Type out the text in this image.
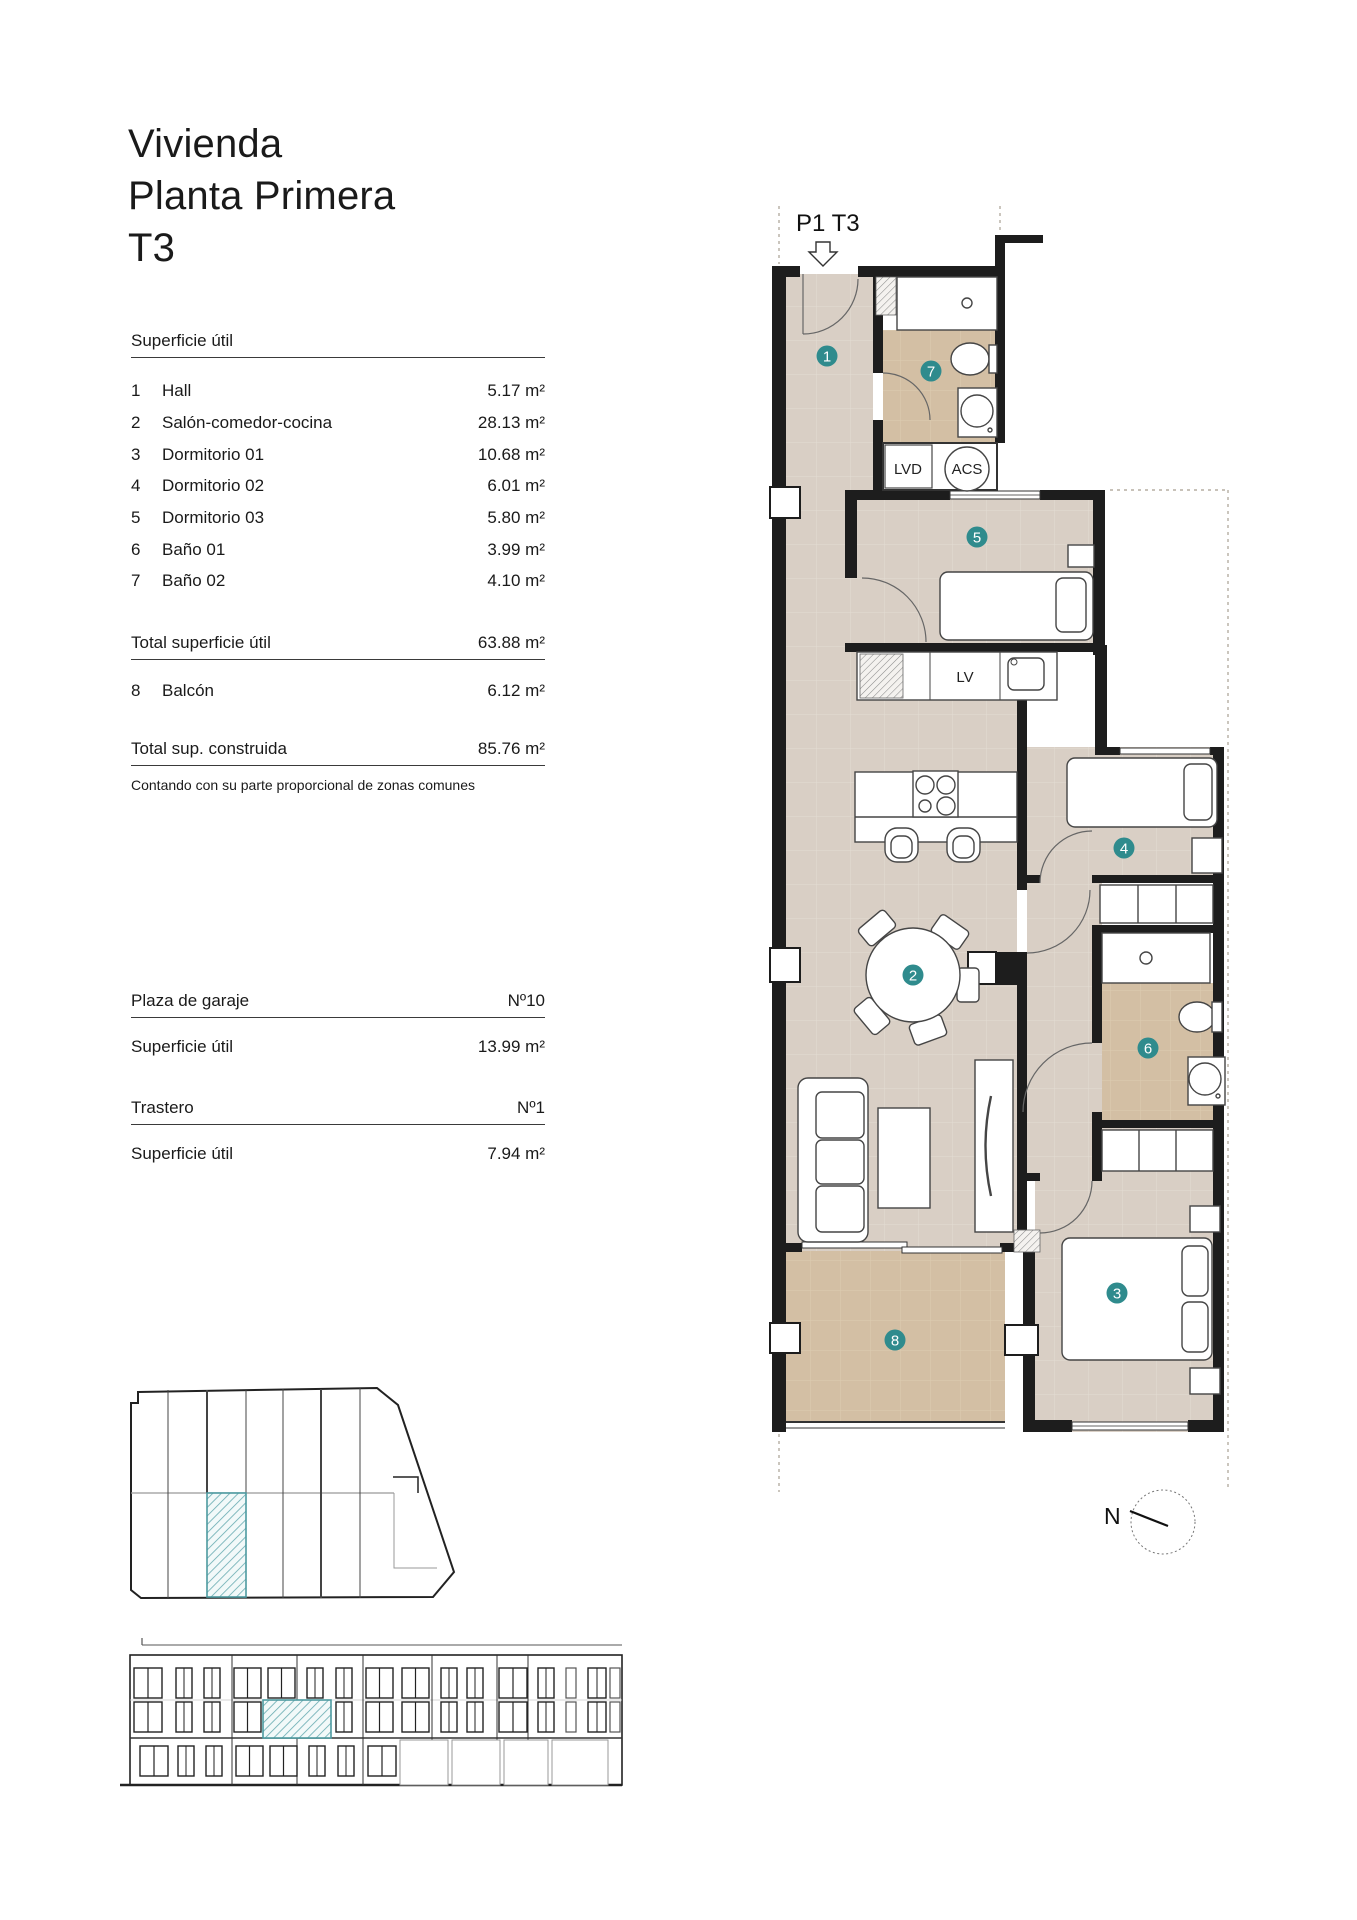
Vivienda
Planta Primera
T3
Superficie útil
1	Hall	5.17 m²
2	Salón-comedor-cocina	28.13 m²
3	Dormitorio 01	10.68 m²
4	Dormitorio 02	6.01 m²
5	Dormitorio 03	5.80 m²
6	Baño 01	3.99 m²
7	Baño 02	4.10 m²
Total superficie útil	63.88 m²
8	Balcón	6.12 m²
Total sup. construida	85.76 m²
Contando con su parte proporcional de zonas comunes
Plaza de garaje	Nº10
Superficie útil	13.99 m²
Trastero	Nº1
Superficie útil	7.94 m²
LVD ACS
LV
P1 T3
1
7
5
2
4
6
3
8
N
